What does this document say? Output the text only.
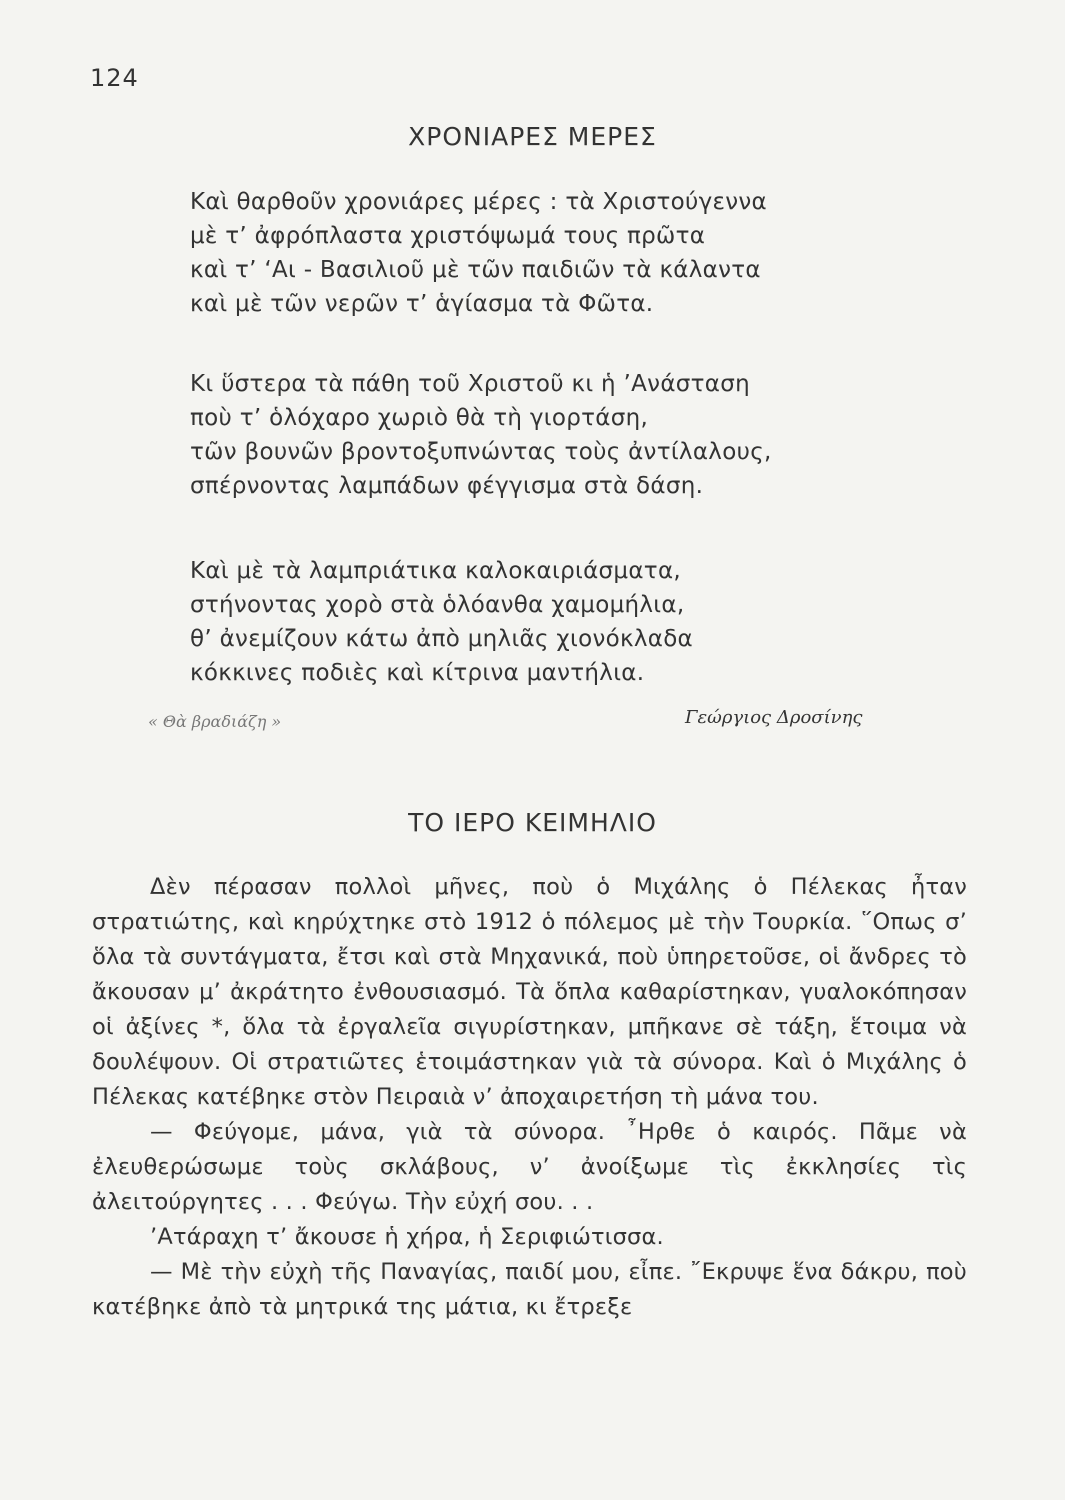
124
ΧΡΟΝΙΑΡΕΣ ΜΕΡΕΣ
Καὶ θαρθοῦν χρονιάρες μέρες : τὰ Χριστούγεννα
μὲ τ’ ἀφρόπλαστα χριστόψωμά τους πρῶτα
καὶ τ’ ‘Αι - Βασιλιοῦ μὲ τῶν παιδιῶν τὰ κάλαντα
καὶ μὲ τῶν νερῶν τ’ ἁγίασμα τὰ Φῶτα.
Κι ὕστερα τὰ πάθη τοῦ Χριστοῦ κι ἡ ’Ανάσταση
ποὺ τ’ ὁλόχαρο χωριὸ θὰ τὴ γιορτάση,
τῶν βουνῶν βροντοξυπνώντας τοὺς ἀντίλαλους,
σπέρνοντας λαμπάδων φέγγισμα στὰ δάση.
Καὶ μὲ τὰ λαμπριάτικα καλοκαιριάσματα,
στήνοντας χορὸ στὰ ὁλόανθα χαμομήλια,
θ’ ἀνεμίζουν κάτω ἀπὸ μηλιᾶς χιονόκλαδα
κόκκινες ποδιὲς καὶ κίτρινα μαντήλια.
« Θὰ βραδιάζη »	Γεώργιος Δροσίνης
ΤΟ ΙΕΡΟ ΚΕΙΜΗΛΙΟ

Δὲν πέρασαν πολλοὶ μῆνες, ποὺ ὁ Μιχάλης ὁ Πέλεκας ἦταν στρατιώτης, καὶ κηρύχτηκε στὸ 1912 ὁ πόλεμος μὲ τὴν Τουρκία. ῞Οπως σ’ ὅλα τὰ συντάγματα, ἔτσι καὶ στὰ Μηχανικά, ποὺ ὑπηρετοῦσε, οἱ ἄνδρες τὸ ἄκουσαν μ’ ἀκράτητο ἐνθουσιασμό. Τὰ ὅπλα καθαρίστηκαν, γυαλοκόπησαν οἱ ἀξίνες *, ὅλα τὰ ἐργαλεῖα σιγυρίστηκαν, μπῆκανε σὲ τάξη, ἕτοιμα νὰ δουλέψουν. Οἱ στρατιῶτες ἑτοιμάστηκαν γιὰ τὰ σύνορα. Καὶ ὁ Μιχάλης ὁ Πέλεκας κατέβηκε στὸν Πειραιὰ ν’ ἀποχαιρετήση τὴ μάνα του.

— Φεύγομε, μάνα, γιὰ τὰ σύνορα. ῏Ηρθε ὁ καιρός. Πᾶμε νὰ ἐλευθερώσωμε τοὺς σκλάβους, ν’ ἀνοίξωμε τὶς ἐκκλησίες τὶς ἀλειτούργητες . . . Φεύγω. Τὴν εὐχή σου. . .

’Ατάραχη τ’ ἄκουσε ἡ χήρα, ἡ Σεριφιώτισσα.

— Μὲ τὴν εὐχὴ τῆς Παναγίας, παιδί μου, εἶπε. ῎Εκρυψε ἕνα δάκρυ, ποὺ κατέβηκε ἀπὸ τὰ μητρικά της μάτια, κι ἔτρεξε
